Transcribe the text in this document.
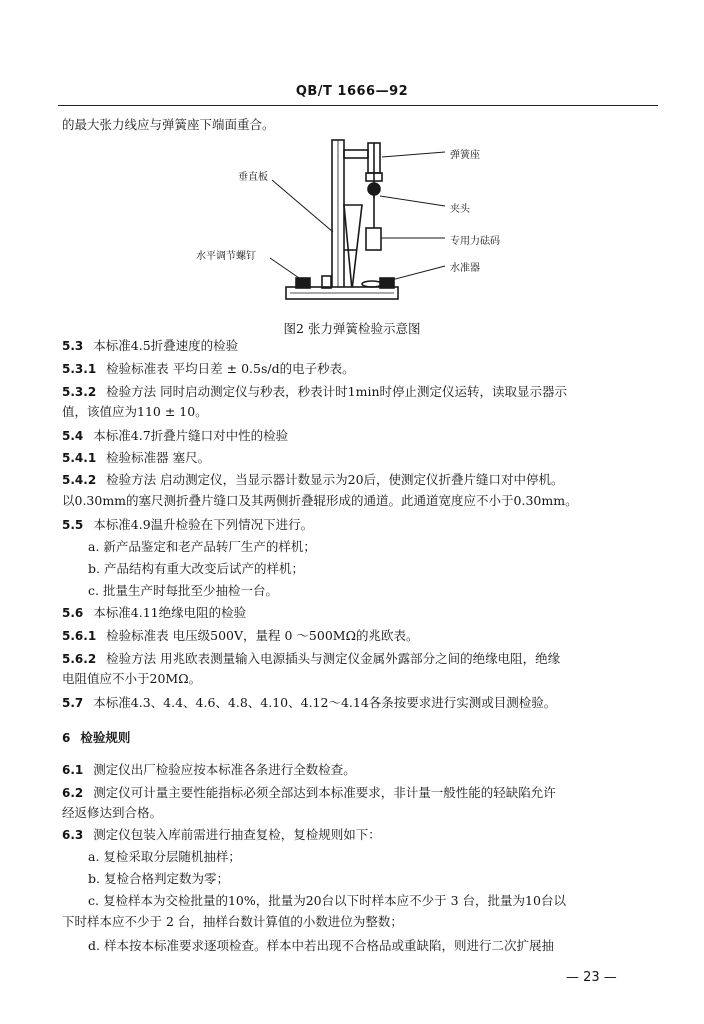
QB/T 1666—92
垂直板
弹簧座
夹头
专用力砝码
水平调节螺钉
水准器
图2 张力弹簧检验示意图
的最大张力线应与弹簧座下端面重合。
5.3 本标准4.5折叠速度的检验
5.3.1 检验标准表 平均日差 ± 0.5s/d的电子秒表。
5.3.2 检验方法 同时启动测定仪与秒表，秒表计时1min时停止测定仪运转，读取显示器示
值，该值应为110 ± 10。
5.4 本标准4.7折叠片缝口对中性的检验
5.4.1 检验标准器 塞尺。
5.4.2 检验方法 启动测定仪，当显示器计数显示为20后，使测定仪折叠片缝口对中停机。
以0.30mm的塞尺测折叠片缝口及其两侧折叠辊形成的通道。此通道宽度应不小于0.30mm。
5.5 本标准4.9温升检验在下列情况下进行。
a. 新产品鉴定和老产品转厂生产的样机；
b. 产品结构有重大改变后试产的样机；
c. 批量生产时每批至少抽检一台。
5.6 本标准4.11绝缘电阻的检验
5.6.1 检验标准表 电压级500V，量程 0 ～500MΩ的兆欧表。
5.6.2 检验方法 用兆欧表测量输入电源插头与测定仪金属外露部分之间的绝缘电阻，绝缘
电阻值应不小于20MΩ。
5.7 本标准4.3、4.4、4.6、4.8、4.10、4.12～4.14各条按要求进行实测或目测检验。
6 检验规则
6.1 测定仪出厂检验应按本标准各条进行全数检查。
6.2 测定仪可计量主要性能指标必须全部达到本标准要求，非计量一般性能的轻缺陷允许
经返修达到合格。
6.3 测定仪包装入库前需进行抽查复检，复检规则如下：
a. 复检采取分层随机抽样；
b. 复检合格判定数为零；
c. 复检样本为交检批量的10%，批量为20台以下时样本应不少于 3 台，批量为10台以
下时样本应不少于 2 台，抽样台数计算值的小数进位为整数；
d. 样本按本标准要求逐项检查。样本中若出现不合格品或重缺陷，则进行二次扩展抽
— 23 —
